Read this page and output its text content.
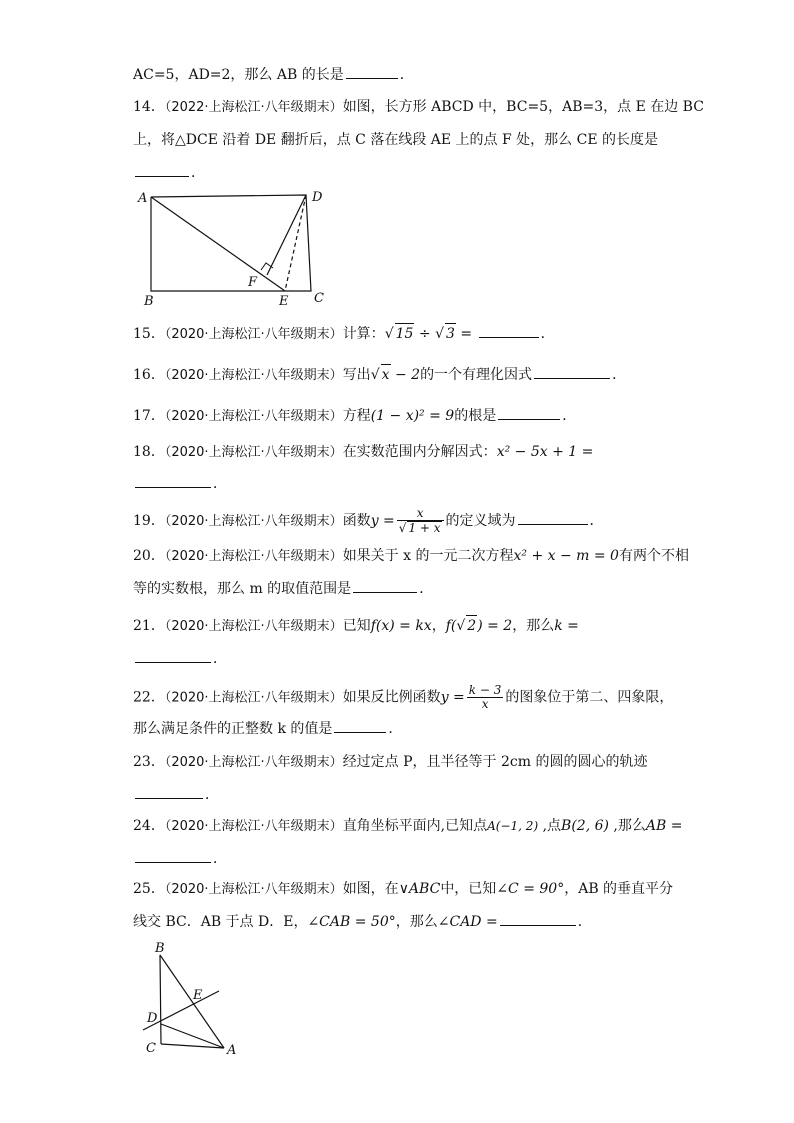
AC=5，AD=2，那么 AB 的长是	．
14．（2022·上海松江·八年级期末）如图，长方形 ABCD 中，BC=5，AB=3，点 E 在边 BC
上，将△DCE 沿着 DE 翻折后，点 C 落在线段 AE 上的点 F 处，那么 CE 的长度是
．
A	D
B	C
E
F
15．（2020·上海松江·八年级期末）计算：√ 15 ÷ √ 3 =	．
16．（2020·上海松江·八年级期末）写出√ x − 2的一个有理化因式	．
17．（2020·上海松江·八年级期末）方程(1 − x)² = 9的根是	．
18．（2020·上海松江·八年级期末）在实数范围内分解因式：x² − 5x + 1 =
．
19．（2020·上海松江·八年级期末）函数$y = \frac{x}{√ 1 + x}$ 的定义域为	．
20．（2020·上海松江·八年级期末）如果关于 x 的一元二次方程x² + x − m = 0有两个不相
等的实数根，那么 m 的取值范围是	．
21．（2020·上海松江·八年级期末）已知f(x) = kx，f(√ 2) = 2，那么k =
．
22．（2020·上海松江·八年级期末）如果反比例函数$y = \frac{k - 3}{x}$ 的图象位于第二、四象限，
那么满足条件的正整数 k 的值是	.
23．（2020·上海松江·八年级期末）经过定点 P，且半径等于 2cm 的圆的圆心的轨迹
．
24．（2020·上海松江·八年级期末）直角坐标平面内,已知点A(−1, 2) ,点B(2, 6) ,那么AB =
．
25．（2020·上海松江·八年级期末）如图，在∨ABC中，已知∠C = 90°，AB 的垂直平分
线交 BC．AB 于点 D．E，∠CAB = 50°，那么∠CAD =	．
B
E
D
C	A
